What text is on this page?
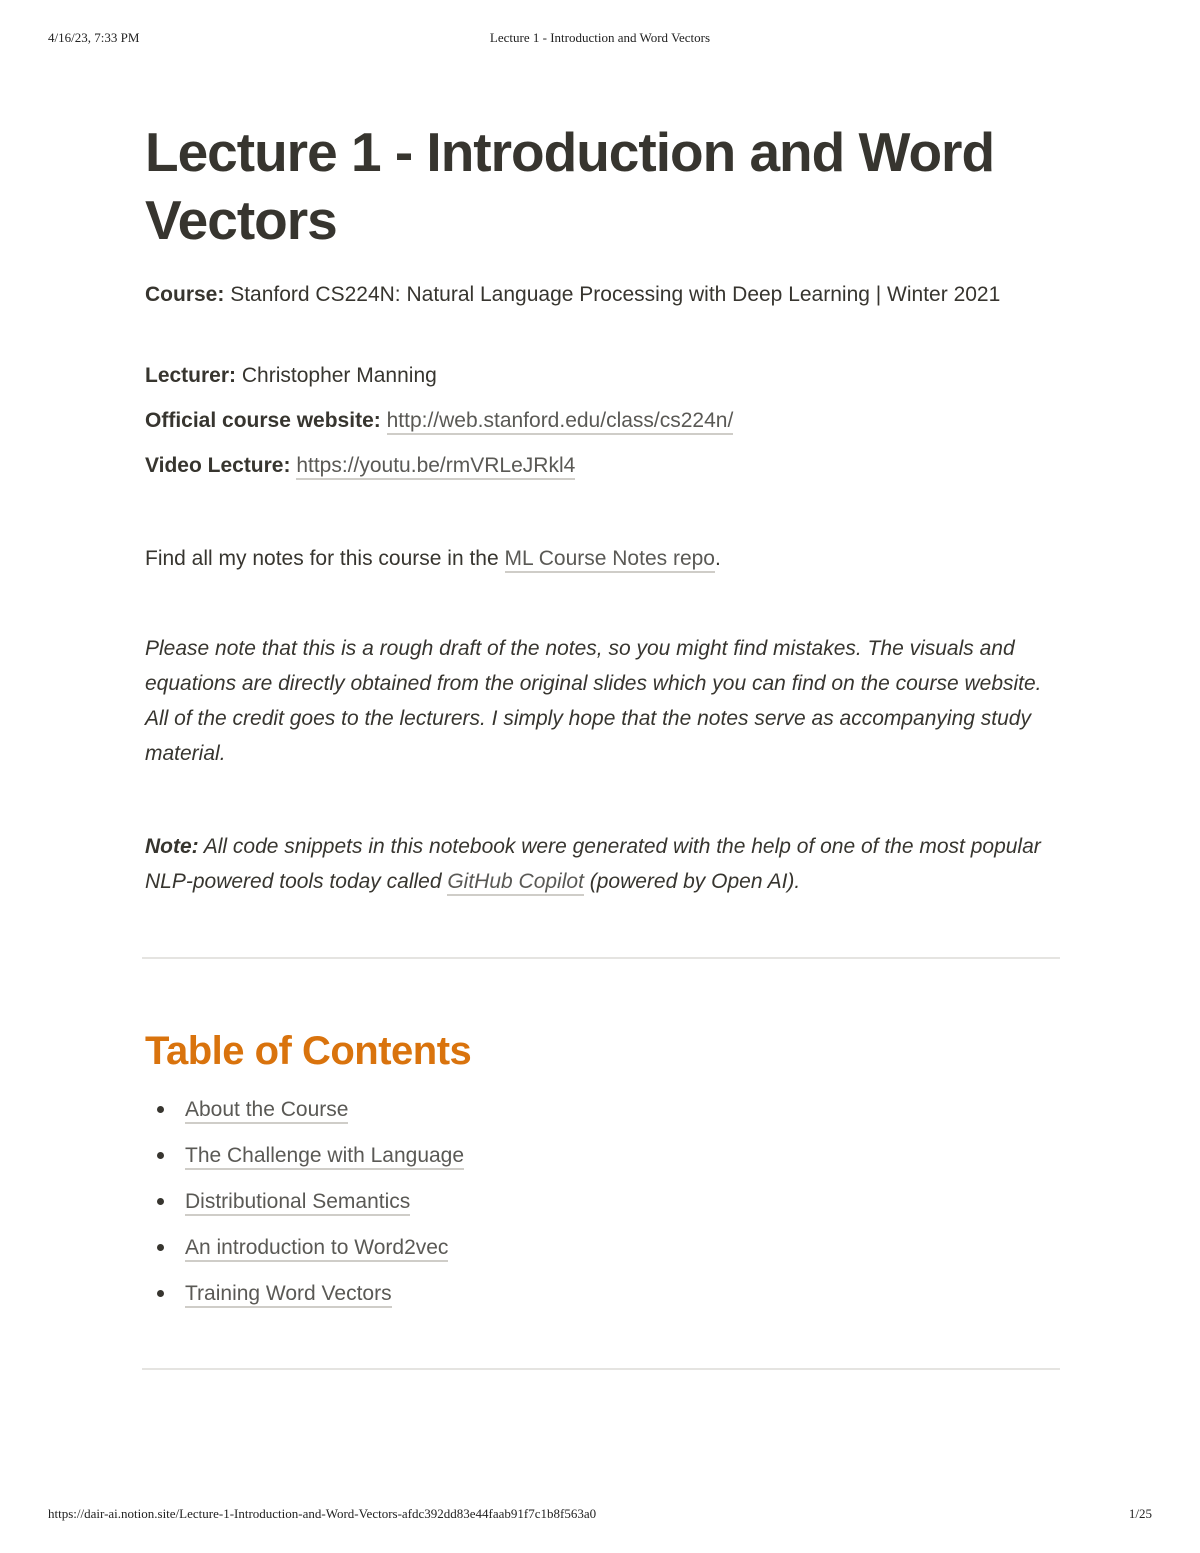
4/16/23, 7:33 PM	Lecture 1 - Introduction and Word Vectors
Lecture 1 - Introduction and Word Vectors
Course: Stanford CS224N: Natural Language Processing with Deep Learning | Winter 2021
Lecturer: Christopher Manning
Official course website: http://web.stanford.edu/class/cs224n/
Video Lecture: https://youtu.be/rmVRLeJRkl4
Find all my notes for this course in the ML Course Notes repo.
Please note that this is a rough draft of the notes, so you might find mistakes. The visuals and equations are directly obtained from the original slides which you can find on the course website. All of the credit goes to the lecturers. I simply hope that the notes serve as accompanying study material.
Note: All code snippets in this notebook were generated with the help of one of the most popular NLP-powered tools today called GitHub Copilot (powered by Open AI).
Table of Contents
About the Course
The Challenge with Language
Distributional Semantics
An introduction to Word2vec
Training Word Vectors
https://dair-ai.notion.site/Lecture-1-Introduction-and-Word-Vectors-afdc392dd83e44faab91f7c1b8f563a0	1/25
